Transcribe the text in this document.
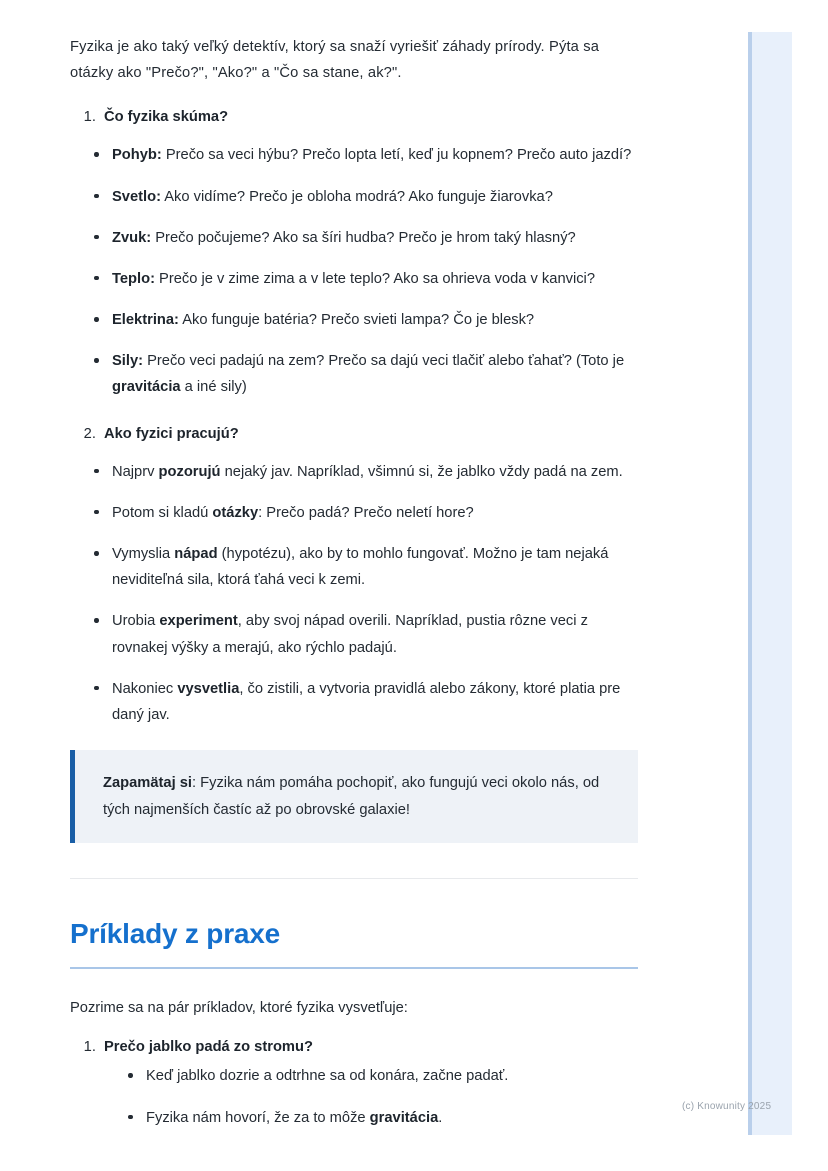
Fyzika je ako taký veľký detektív, ktorý sa snaží vyriešiť záhady prírody. Pýta sa otázky ako "Prečo?", "Ako?" a "Čo sa stane, ak?".

1. Čo fyzika skúma?
Pohyb: Prečo sa veci hýbu? Prečo lopta letí, keď ju kopnem? Prečo auto jazdí?
Svetlo: Ako vidíme? Prečo je obloha modrá? Ako funguje žiarovka?
Zvuk: Prečo počujeme? Ako sa šíri hudba? Prečo je hrom taký hlasný?
Teplo: Prečo je v zime zima a v lete teplo? Ako sa ohrieva voda v kanvici?
Elektrina: Ako funguje batéria? Prečo svieti lampa? Čo je blesk?
Sily: Prečo veci padajú na zem? Prečo sa dajú veci tlačiť alebo ťahať? (Toto je gravitácia a iné sily)
2. Ako fyzici pracujú?
Najprv pozorujú nejaký jav. Napríklad, všimnú si, že jablko vždy padá na zem.
Potom si kladú otázky: Prečo padá? Prečo neletí hore?
Vymyslia nápad (hypotézu), ako by to mohlo fungovať. Možno je tam nejaká neviditeľná sila, ktorá ťahá veci k zemi.
Urobia experiment, aby svoj nápad overili. Napríklad, pustia rôzne veci z rovnakej výšky a merajú, ako rýchlo padajú.
Nakoniec vysvetlia, čo zistili, a vytvoria pravidlá alebo zákony, ktoré platia pre daný jav.

Zapamätaj si: Fyzika nám pomáha pochopiť, ako fungujú veci okolo nás, od tých najmenších častíc až po obrovské galaxie!

Príklady z praxe

Pozrime sa na pár príkladov, ktoré fyzika vysvetľuje:

1. Prečo jablko padá zo stromu?
Keď jablko dozrie a odtrhne sa od konára, začne padať.
Fyzika nám hovorí, že za to môže gravitácia.
(c) Knowunity 2025
